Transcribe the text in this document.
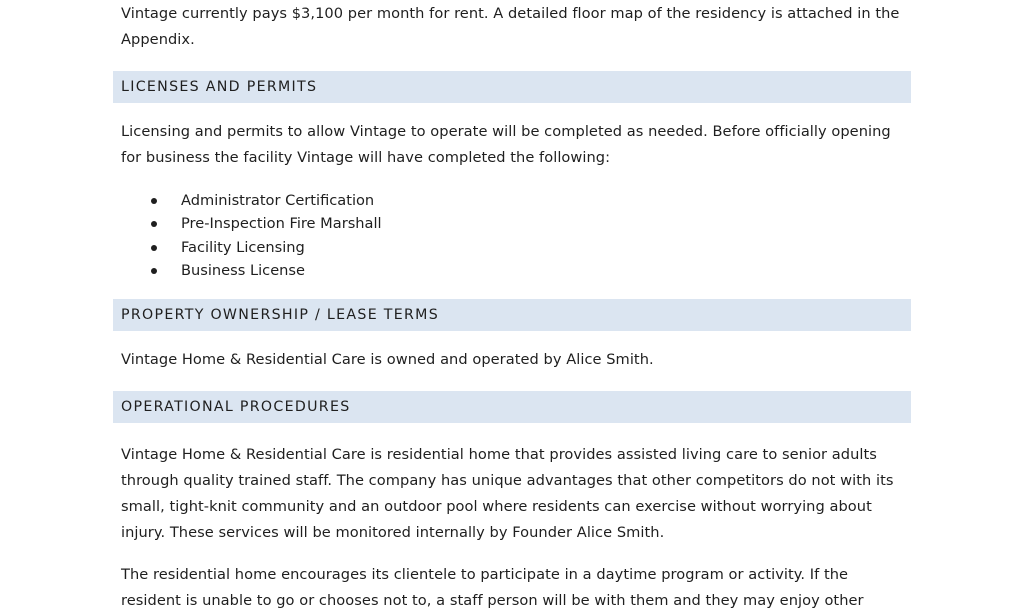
Vintage currently pays $3,100 per month for rent. A detailed floor map of the residency is attached in the Appendix.

LICENSES AND PERMITS

Licensing and permits to allow Vintage to operate will be completed as needed. Before officially opening for business the facility Vintage will have completed the following:

Administrator Certification
Pre-Inspection Fire Marshall
Facility Licensing
Business License
PROPERTY OWNERSHIP / LEASE TERMS

Vintage Home & Residential Care is owned and operated by Alice Smith.

OPERATIONAL PROCEDURES

Vintage Home & Residential Care is residential home that provides assisted living care to senior adults through quality trained staff. The company has unique advantages that other competitors do not with its small, tight-knit community and an outdoor pool where residents can exercise without worrying about injury. These services will be monitored internally by Founder Alice Smith.

The residential home encourages its clientele to participate in a daytime program or activity. If the resident is unable to go or chooses not to, a staff person will be with them and they may enjoy other
